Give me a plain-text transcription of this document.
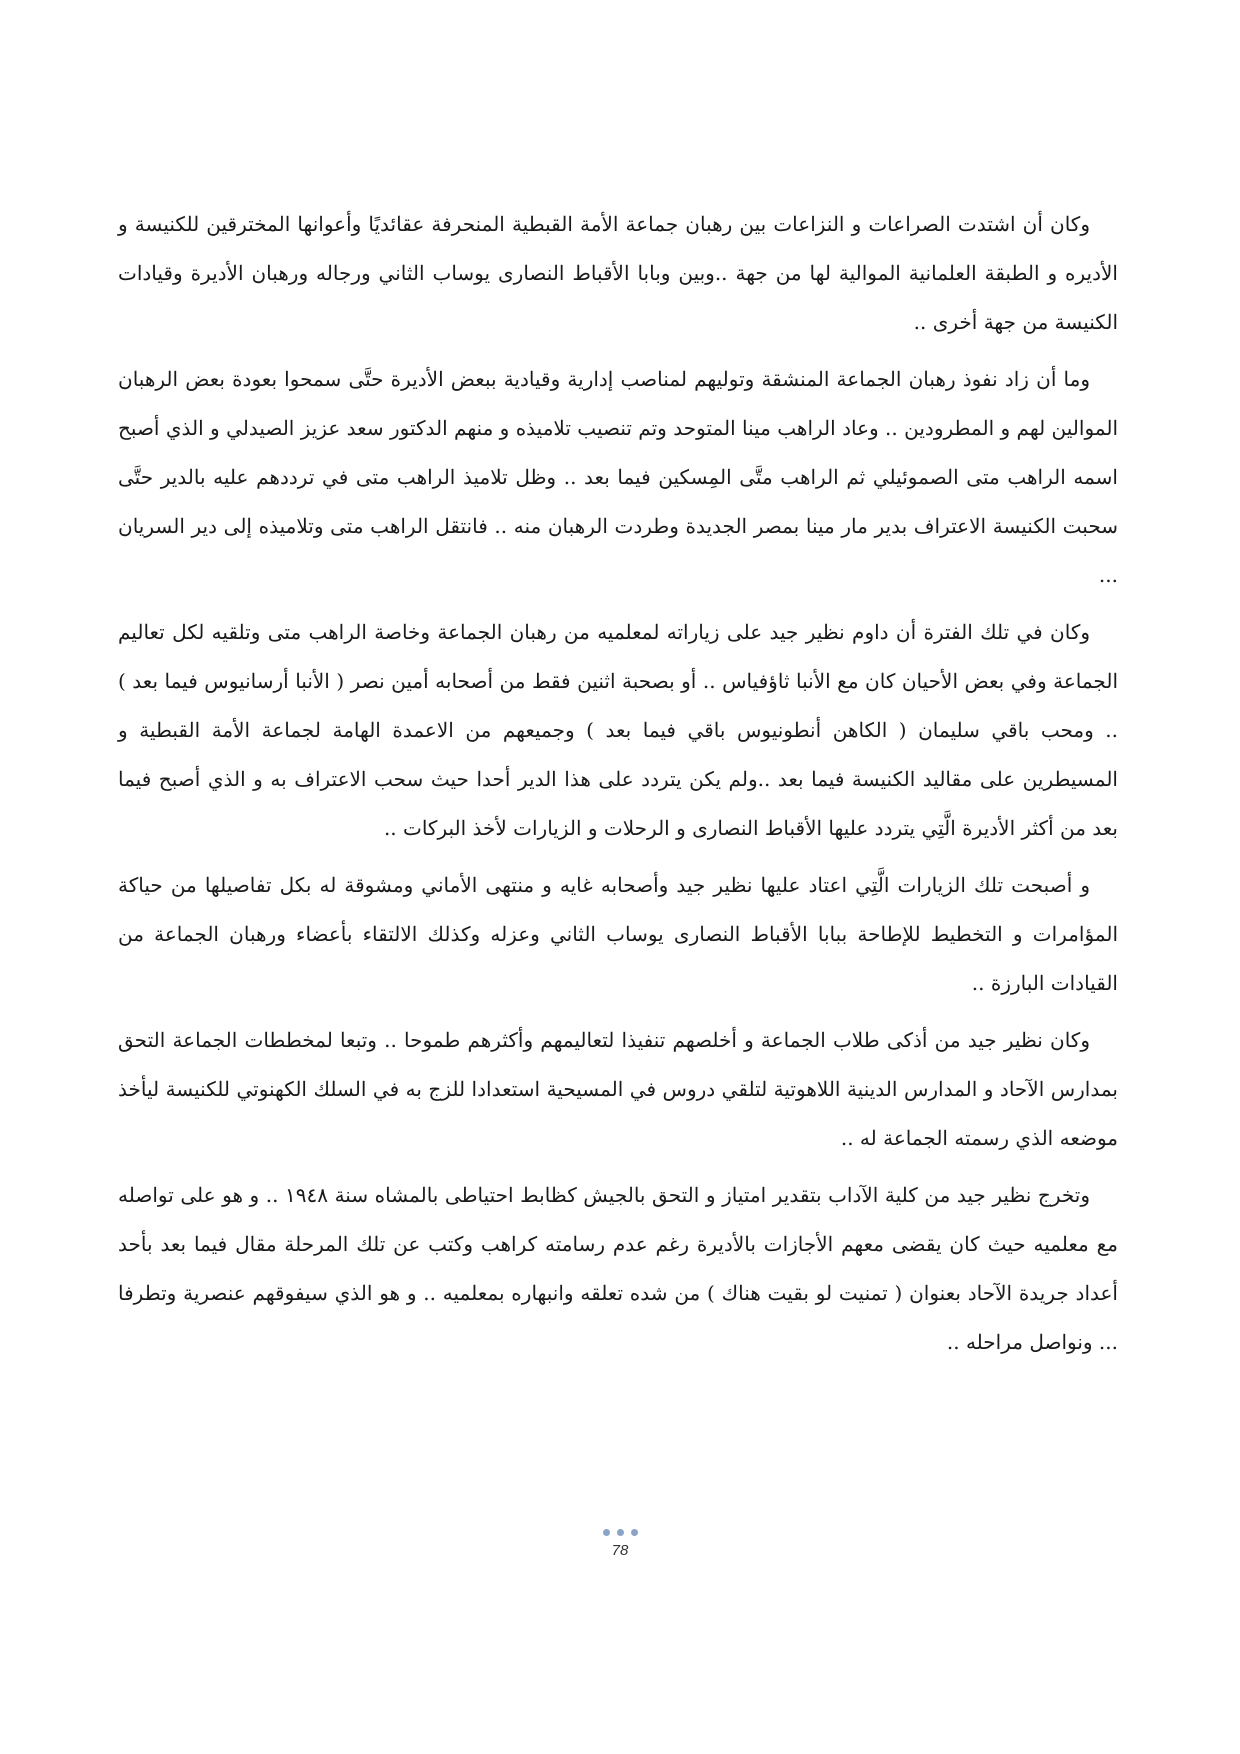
وكان أن اشتدت الصراعات و النزاعات بين رهبان جماعة الأمة القبطية المنحرفة عقائديًا وأعوانها المخترقين للكنيسة و الأديره و الطبقة العلمانية الموالية لها من جهة ..وبين وبابا الأقباط النصارى يوساب الثاني ورجاله ورهبان الأديرة وقيادات الكنيسة من جهة أخرى ..

وما أن زاد نفوذ رهبان الجماعة المنشقة وتوليهم لمناصب إدارية وقيادية ببعض الأديرة حتَّى سمحوا بعودة بعض الرهبان الموالين لهم و المطرودين .. وعاد الراهب مينا المتوحد وتم تنصيب تلاميذه و منهم الدكتور سعد عزيز الصيدلي و الذي أصبح اسمه الراهب متى الصموئيلي ثم الراهب متَّى المِسكين فيما بعد .. وظل تلاميذ الراهب متى في ترددهم عليه بالدير حتَّى سحبت الكنيسة الاعتراف بدير مار مينا بمصر الجديدة وطردت الرهبان منه .. فانتقل الراهب متى وتلاميذه إلى دير السريان ...

وكان في تلك الفترة أن داوم نظير جيد على زياراته لمعلميه من رهبان الجماعة وخاصة الراهب متى وتلقيه لكل تعاليم الجماعة وفي بعض الأحيان كان مع الأنبا ثاؤفياس .. أو بصحبة اثنين فقط من أصحابه أمين نصر ( الأنبا أرسانيوس فيما بعد ) .. ومحب باقي سليمان ( الكاهن أنطونيوس باقي فيما بعد ) وجميعهم من الاعمدة الهامة لجماعة الأمة القبطية و المسيطرين على مقاليد الكنيسة فيما بعد ..ولم يكن يتردد على هذا الدير أحدا حيث سحب الاعتراف به و الذي أصبح فيما بعد من أكثر الأديرة الَّتِي يتردد عليها الأقباط النصارى و الرحلات و الزيارات لأخذ البركات ..

و أصبحت تلك الزيارات الَّتِي اعتاد عليها نظير جيد وأصحابه غايه و منتهى الأماني ومشوقة له بكل تفاصيلها من حياكة المؤامرات و التخطيط للإطاحة ببابا الأقباط النصارى يوساب الثاني وعزله وكذلك الالتقاء بأعضاء ورهبان الجماعة من القيادات البارزة ..

وكان نظير جيد من أذكى طلاب الجماعة و أخلصهم تنفيذا لتعاليمهم وأكثرهم طموحا .. وتبعا لمخططات الجماعة التحق بمدارس الآحاد و المدارس الدينية اللاهوتية لتلقي دروس في المسيحية استعدادا للزج به في السلك الكهنوتي للكنيسة ليأخذ موضعه الذي رسمته الجماعة له ..

وتخرج نظير جيد من كلية الآداب بتقدير امتياز و التحق بالجيش كظابط احتياطى بالمشاه سنة ١٩٤٨ .. و هو على تواصله مع معلميه حيث كان يقضى معهم الأجازات بالأديرة رغم عدم رسامته كراهب وكتب عن تلك المرحلة مقال فيما بعد بأحد أعداد جريدة الآحاد بعنوان ( تمنيت لو بقيت هناك ) من شده تعلقه وانبهاره بمعلميه .. و هو الذي سيفوقهم عنصرية وتطرفا ... ونواصل مراحله ..

78
